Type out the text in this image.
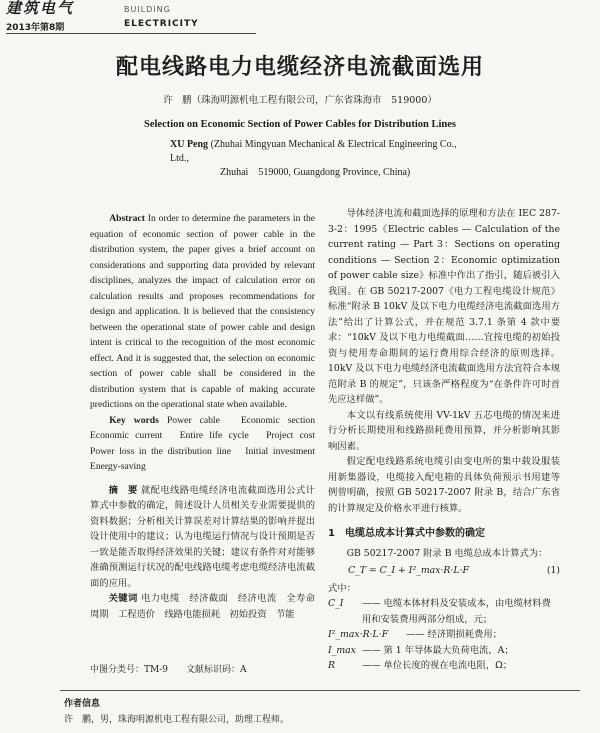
建筑电气	BUILDING
2013年第8期	ELECTRICITY
配电线路电力电缆经济电流截面选用
许　鹏（珠海明源机电工程有限公司，广东省珠海市　519000）
Selection on Economic Section of Power Cables for Distribution Lines
XU Peng (Zhuhai Mingyuan Mechanical & Electrical Engineering Co., Ltd.,
Zhuhai　519000, Guangdong Province, China)

Abstract In order to determine the parameters in the equation of economic section of power cable in the distribution system, the paper gives a brief account on considerations and supporting data provided by relevant disciplines, analyzes the impact of calculation error on calculation results and proposes recommendations for design and application. It is believed that the consistency between the operational state of power cable and design intent is critical to the recognition of the most economic effect. And it is suggested that, the selection on economic section of power cable shall be considered in the distribution system that is capable of making accurate predictions on the operational state when available.

Key words Power cable　Economic section　Economic current　Entire life cycle　Project cost　Power loss in the distribution line　Initial investment　Energy-saving

摘　要 就配电线路电缆经济电流截面选用公式计算式中参数的确定，简述设计人员相关专业需要提供的资料数据；分析相关计算误差对计算结果的影响并提出设计使用中的建议；认为电缆运行情况与设计预期是否一致是能否取得经济效果的关键；建议有条件对对能够准确预测运行状况的配电线路电缆考虑电缆经济电流截面的应用。

关键词 电力电缆　经济截面　经济电流　全寿命周期　工程造价　线路电能损耗　初始投资　节能

中图分类号：TM-9　　文献标识码：A

导体经济电流和截面选择的原理和方法在 IEC 287-3-2：1995《Electric cables — Calculation of the current rating — Part 3：Sections on operating conditions — Section 2：Economic optimization of power cable size》标准中作出了指引，随后被引入我国。在 GB 50217-2007《电力工程电缆设计规范》标准“附录 B 10kV 及以下电力电缆经济电流截面选用方法”给出了计算公式，并在规范 3.7.1 条第 4 款中要求：“10kV 及以下电力电缆截面……宜按电缆的初始投资与使用寿命期间的运行费用综合经济的原则选择。10kV 及以下电力电缆经济电流截面选用方法宜符合本规范附录 B 的规定”，只该条严格程度为“在条件许可时首先应这样做”。

本文以有线系统使用 VV-1kV 五芯电缆的情况来进行分析长期使用和线路损耗费用预算，并分析影响其影响因素。

假定配电线路系统电缆引由变电所的集中载设服装用新集器设，电缆接入配电箱的具体负荷预示书用建等例曾明确，按照 GB 50217-2007 附录 B，结合广东省的计算规定及价格水平进行核算。

1　电缆总成本计算式中参数的确定

GB 50217-2007 附录 B 电缆总成本计算式为：

C_T = C_I + I²_max·R·L·F	(1)
式中：
C_I	—— 电缆本体材料及安装成本，由电缆材料费用和安装费用两部分组成，元；
I²_max·R·L·F	—— 经济期损耗费用；
I_max —— 第 1 年导体最大负荷电流，A；
R	—— 单位长度的视在电流电阻，Ω；
作者信息
许　鹏，男，珠海明源机电工程有限公司，助理工程师。
